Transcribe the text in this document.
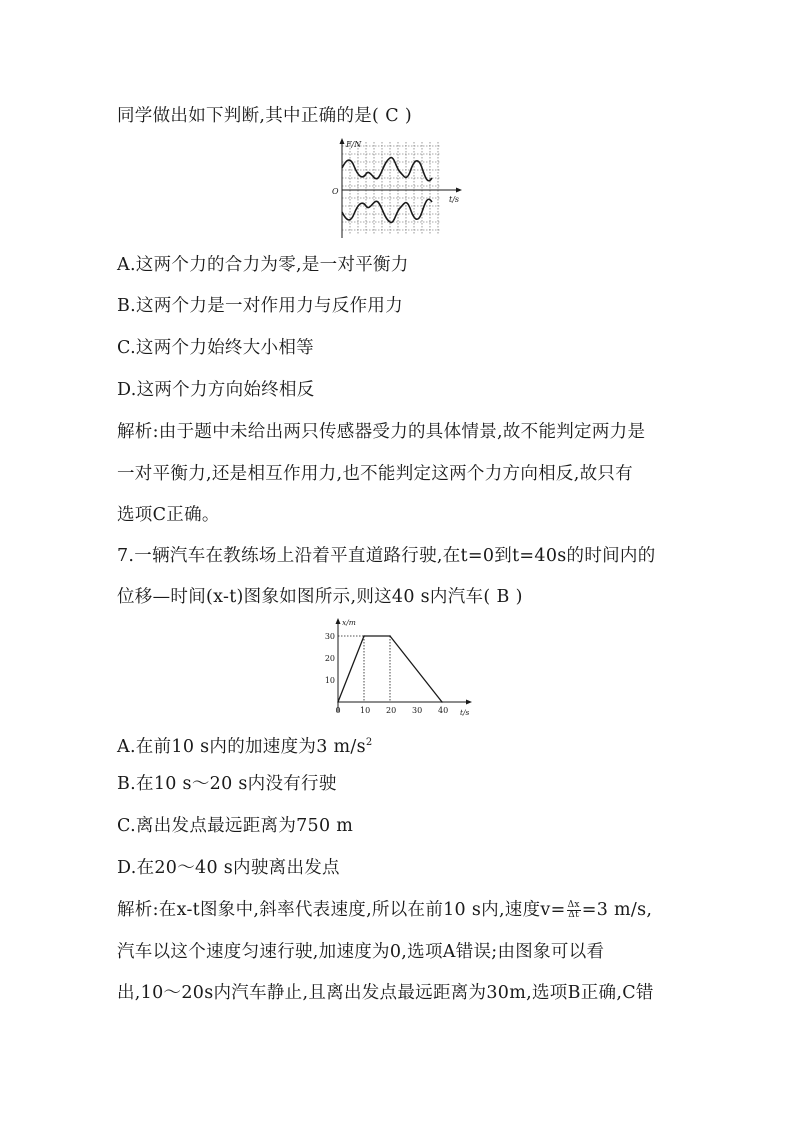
同学做出如下判断,其中正确的是( C )
F/N
t/s
O
A.这两个力的合力为零,是一对平衡力
B.这两个力是一对作用力与反作用力
C.这两个力始终大小相等
D.这两个力方向始终相反
解析:由于题中未给出两只传感器受力的具体情景,故不能判定两力是
一对平衡力,还是相互作用力,也不能判定这两个力方向相反,故只有
选项C正确。
7.一辆汽车在教练场上沿着平直道路行驶,在t=0到t=40s的时间内的
位移—时间(x-t)图象如图所示,则这40 s内汽车( B )
0 10 20 30 40
10
20
30
x/m
t/s
A.在前10 s内的加速度为3 $m/s^2$
B.在10 s～20 s内没有行驶
C.离出发点最远距离为750 m
D.在20～40 s内驶离出发点
解析:在x-t图象中,斜率代表速度,所以在前10 s内,速度$v= \frac{\Delta x}{\Delta t} =3$ m/s,
汽车以这个速度匀速行驶,加速度为0,选项A错误;由图象可以看
出,10～20s内汽车静止,且离出发点最远距离为30m,选项B正确,C错
